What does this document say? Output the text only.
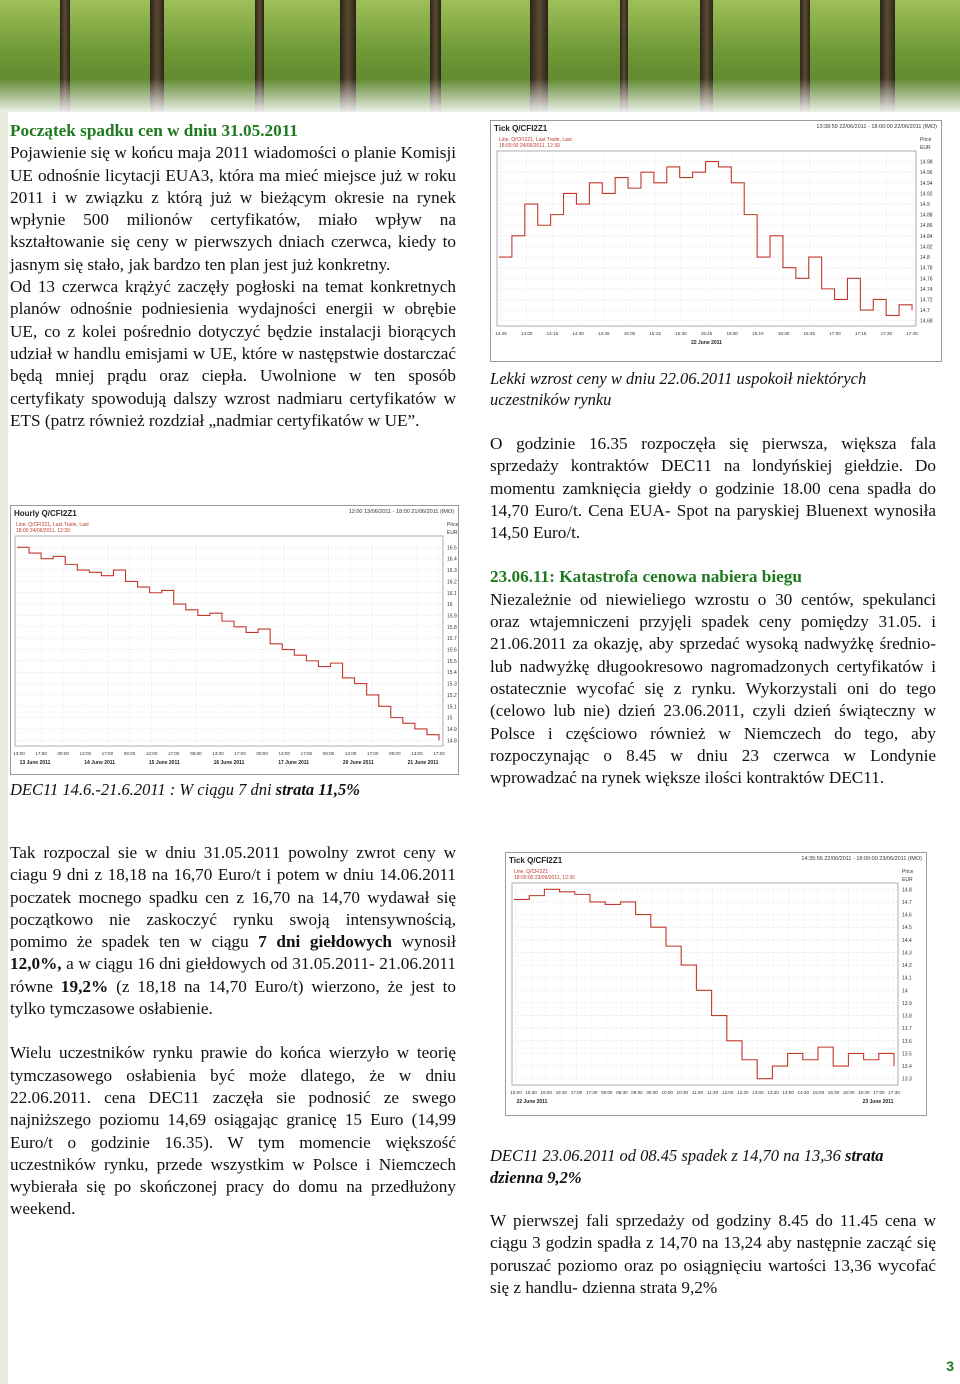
Początek spadku cen w dniu 31.05.2011

Pojawienie się w końcu maja 2011 wiadomości o planie Komisji UE odnośnie licytacji EUA3, która ma mieć miejsce już w roku 2011 i w związku z którą już w bieżącym okresie na rynek wpłynie 500 milionów certyfikatów, miało wpływ na kształtowanie się ceny w pierwszych dniach czerwca, kiedy to jasnym się stało, jak bardzo ten plan jest już konkretny.

Od 13 czerwca krążyć zaczęły pogłoski na temat konkretnych planów odnośnie podniesienia wydajności energii w obrębie UE, co z kolei pośrednio dotyczyć będzie instalacji biorących udział w handlu emisjami w UE, które w następstwie dostarczać będą mniej prądu oraz ciepła. Uwolnione w ten sposób certyfikaty spowodują dalszy wzrost nadmiaru certyfikatów w ETS (patrz również rozdział „nadmiar certyfikatów w UE”.

Hourly Q/CFI2Z1	12:00 13/06/2011 - 18:00 21/06/2011 (IMO)
Line, Q/CFI2Z1, Last Trade, Last
18:00 24/06/2011, 12:30
Price
EUR
16.5
16.4
16.3
16.2
16.1
16
15.9
15.8
15.7
15.6
15.5
15.4
15.3
15.2
15.1
15
14.9
14.8
13:00 17:00 09:00 13:00 17:00 09:00 13:00 17:00 09:00 13:00 17:00 09:00 13:00 17:00 09:00 13:00 17:00 09:00 13:00 17:00
13 June 2011	14 June 2011	15 June 2011	16 June 2011	17 June 2011	20 June 2011	21 June 2011
DEC11 14.6.-21.6.2011 : W ciągu 7 dni strata 11,5%

Tak rozpoczal sie w dniu 31.05.2011 powolny zwrot ceny w ciagu 9 dni z 18,18 na 16,70 Euro/t i potem w dniu 14.06.2011 poczatek mocnego spadku cen z 16,70 na 14,70 wydawał się początkowo nie zaskoczyć rynku swoją intensywnością, pomimo że spadek ten w ciągu 7 dni giełdowych wynosił 12,0%, a w ciągu 16 dni giełdowych od 31.05.2011- 21.06.2011 równe 19,2% (z 18,18 na 14,70 Euro/t) wierzono, że jest to tylko tymczasowe osłabienie.

Wielu uczestników rynku prawie do końca wierzyło w teorię tymczasowego osłabienia być może dlatego, że w dniu 22.06.2011. cena DEC11 zaczęła sie podnosić ze swego najniższego poziomu 14,69 osiągając granicę 15 Euro (14,99 Euro/t o godzinie 16.35). W tym momencie większość uczestników rynku, przede wszystkim w Polsce i Niemczech wybierała się po skończonej pracy do domu na przedłużony weekend.

Tick Q/CFI2Z1	13:38:59 22/06/2011 - 18:00:00 22/06/2011 (IMO)
Line, Q/CFI2Z1, Last Trade, Last
18:00:00 24/06/2011, 12:30
Price
EUR
14.98
14.96
14.94
14.92
14.9
14.88
14.86
14.84
14.82
14.8
14.78
14.76
14.74
14.72
14.7
14.68
13:45	14:00	14:15	14:30	14:45	15:00	15:15	15:30	15:45	16:00	16:15	16:30	16:45	17:00	17:15	17:30	17:45
22 June 2011
Lekki wzrost ceny w dniu 22.06.2011 uspokoił niektórych uczestników rynku

O godzinie 16.35 rozpoczęła się pierwsza, większa fala sprzedaży kontraktów DEC11 na londyńskiej giełdzie. Do momentu zamknięcia giełdy o godzinie 18.00 cena spadła do 14,70 Euro/t. Cena EUA- Spot na paryskiej Bluenext wynosiła 14,50 Euro/t.

23.06.11: Katastrofa cenowa nabiera biegu

Niezależnie od niewieliego wzrostu o 30 centów, spekulanci oraz wtajemniczeni przyjęli spadek ceny pomiędzy 31.05. i 21.06.2011 za okazję, aby sprzedać wysoką nadwyżkę średnio- lub nadwyżkę długookresowo nagromadzonych certyfikatów i ostatecznie wycofać się z rynku. Wykorzystali oni do tego (celowo lub nie) dzień 23.06.2011, czyli dzień świąteczny w Polsce i częściowo również w Niemczech do tego, aby rozpoczynając o 8.45 w dniu 23 czerwca w Londynie wprowadzać na rynek większe ilości kontraktów DEC11.

Tick Q/CFI2Z1	14:35:56 22/06/2011 - 18:00:00 23/06/2011 (IMO)
Line, Q/CFI2Z1
18:00:00 23/06/2011, 12:30
Price
EUR
14.8
14.7
14.6
14.5
14.4
14.3
14.2
14.1
14
13.9
13.8
13.7
13.6
13.5
13.4
13.3
15:00 15:30 16:00 16:30 17:00 17:30 08:00 08:30 09:00 09:30 10:00 10:30 11:00 11:30 12:00 12:30 13:00 13:30 14:00 14:30 15:00 15:30 16:00 16:30 17:00 17:30
22 June 2011	23 June 2011
DEC11 23.06.2011 od 08.45 spadek z 14,70 na 13,36 strata dzienna 9,2%

W pierwszej fali sprzedaży od godziny 8.45 do 11.45 cena w ciągu 3 godzin spadła z 14,70 na 13,24 aby następnie zacząć się poruszać poziomo oraz po osiągnięciu wartości 13,36 wycofać się z handlu- dzienna strata 9,2%

3
